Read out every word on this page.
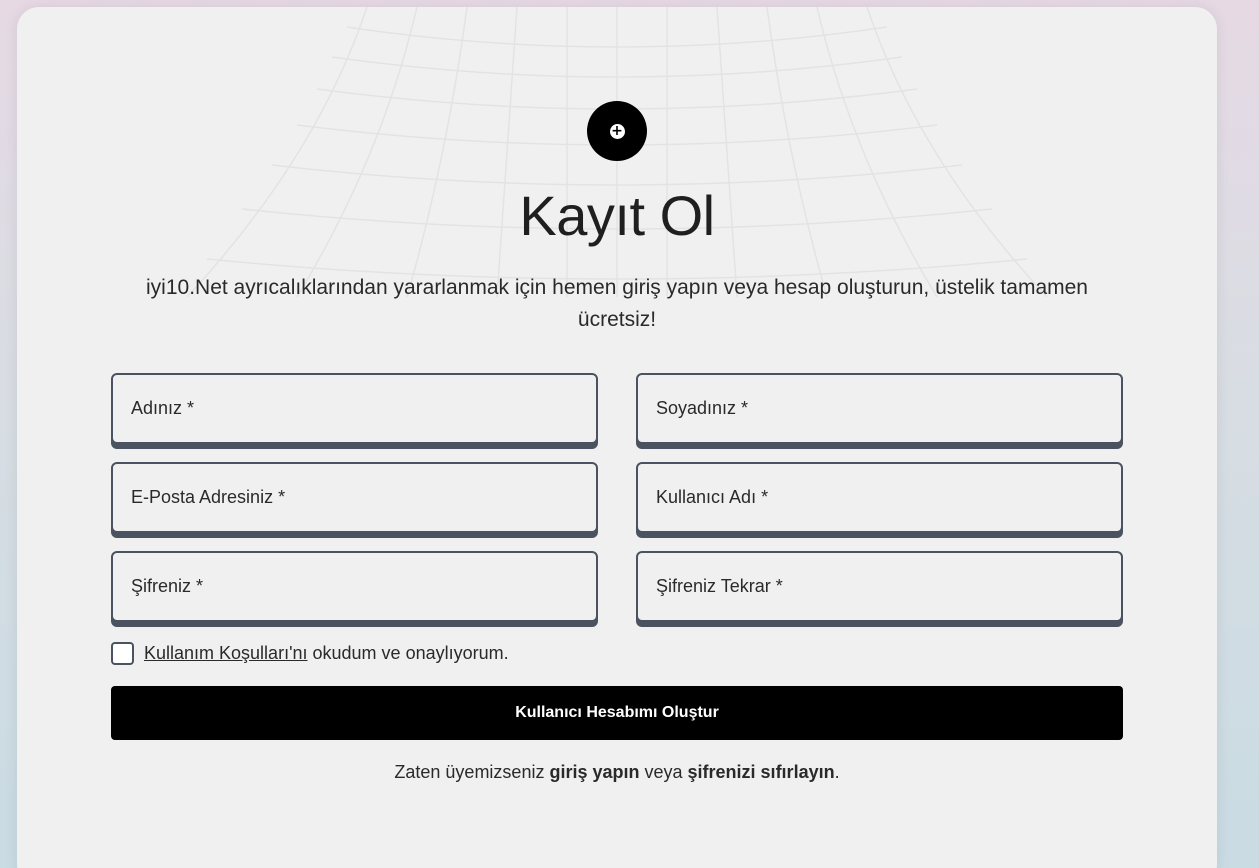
+
Kayıt Ol

iyi10.Net ayrıcalıklarından yararlanmak için hemen giriş yapın veya hesap oluşturun, üstelik tamamen ücretsiz!

Adınız *
Soyadınız *
E-Posta Adresiniz *
Kullanıcı Adı *
Kullanım Koşulları'nı okudum ve onaylıyorum.
Kullanıcı Hesabımı Oluştur

Zaten üyemizseniz giriş yapın veya şifrenizi sıfırlayın.
